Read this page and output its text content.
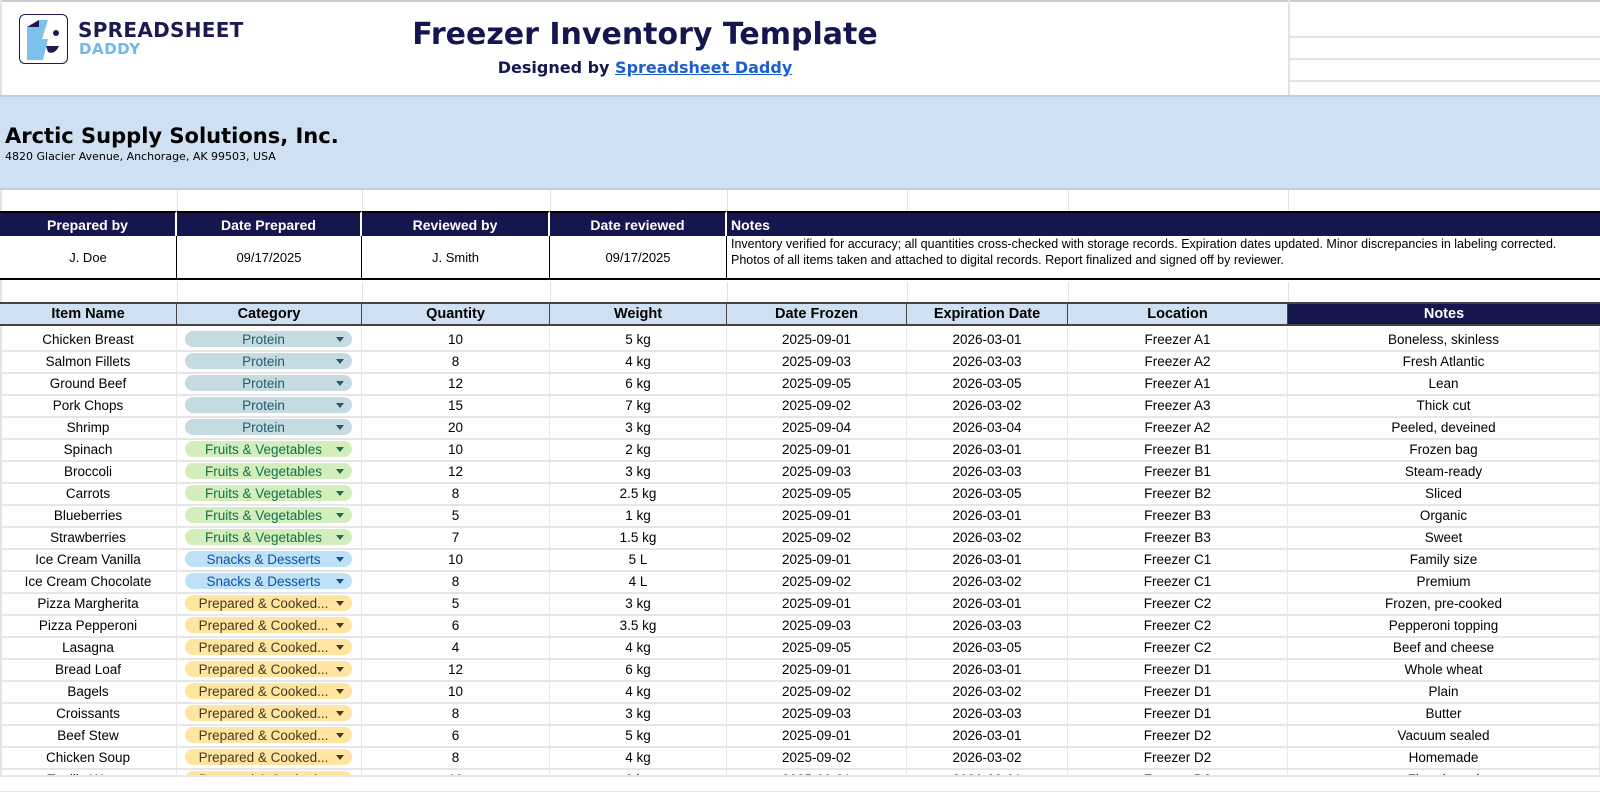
SPREADSHEET
DADDY	Freezer Inventory Template
Designed by Spreadsheet Daddy
Arctic Supply Solutions, Inc.
4820 Glacier Avenue, Anchorage, AK 99503, USA
Prepared by	Date Prepared	Reviewed by	Date reviewed	Notes
J. Doe	09/17/2025	J. Smith	09/17/2025
Inventory verified for accuracy; all quantities cross-checked with storage records. Expiration dates updated. Minor discrepancies in labeling corrected. Photos of all items taken and attached to digital records. Report finalized and signed off by reviewer.
Item Name	Category	Quantity	Weight	Date Frozen	Expiration Date	Location	Notes
Chicken Breast	Protein	10	5 kg	2025-09-01	2026-03-01	Freezer A1	Boneless, skinless
Salmon Fillets	Protein	8	4 kg	2025-09-03	2026-03-03	Freezer A2	Fresh Atlantic
Ground Beef	Protein	12	6 kg	2025-09-05	2026-03-05	Freezer A1	Lean
Pork Chops	Protein	15	7 kg	2025-09-02	2026-03-02	Freezer A3	Thick cut
Shrimp	Protein	20	3 kg	2025-09-04	2026-03-04	Freezer A2	Peeled, deveined
Spinach	Fruits & Vegetables	10	2 kg	2025-09-01	2026-03-01	Freezer B1	Frozen bag
Broccoli	Fruits & Vegetables	12	3 kg	2025-09-03	2026-03-03	Freezer B1	Steam-ready
Carrots	Fruits & Vegetables	8	2.5 kg	2025-09-05	2026-03-05	Freezer B2	Sliced
Blueberries	Fruits & Vegetables	5	1 kg	2025-09-01	2026-03-01	Freezer B3	Organic
Strawberries	Fruits & Vegetables	7	1.5 kg	2025-09-02	2026-03-02	Freezer B3	Sweet
Ice Cream Vanilla	Snacks & Desserts	10	5 L	2025-09-01	2026-03-01	Freezer C1	Family size
Ice Cream Chocolate	Snacks & Desserts	8	4 L	2025-09-02	2026-03-02	Freezer C1	Premium
Pizza Margherita	Prepared & Cooked...	5	3 kg	2025-09-01	2026-03-01	Freezer C2	Frozen, pre-cooked
Pizza Pepperoni	Prepared & Cooked...	6	3.5 kg	2025-09-03	2026-03-03	Freezer C2	Pepperoni topping
Lasagna	Prepared & Cooked...	4	4 kg	2025-09-05	2026-03-05	Freezer C2	Beef and cheese
Bread Loaf	Prepared & Cooked...	12	6 kg	2025-09-01	2026-03-01	Freezer D1	Whole wheat
Bagels	Prepared & Cooked...	10	4 kg	2025-09-02	2026-03-02	Freezer D1	Plain
Croissants	Prepared & Cooked...	8	3 kg	2025-09-03	2026-03-03	Freezer D1	Butter
Beef Stew	Prepared & Cooked...	6	5 kg	2025-09-01	2026-03-01	Freezer D2	Vacuum sealed
Chicken Soup	Prepared & Cooked...	8	4 kg	2025-09-02	2026-03-02	Freezer D2	Homemade
